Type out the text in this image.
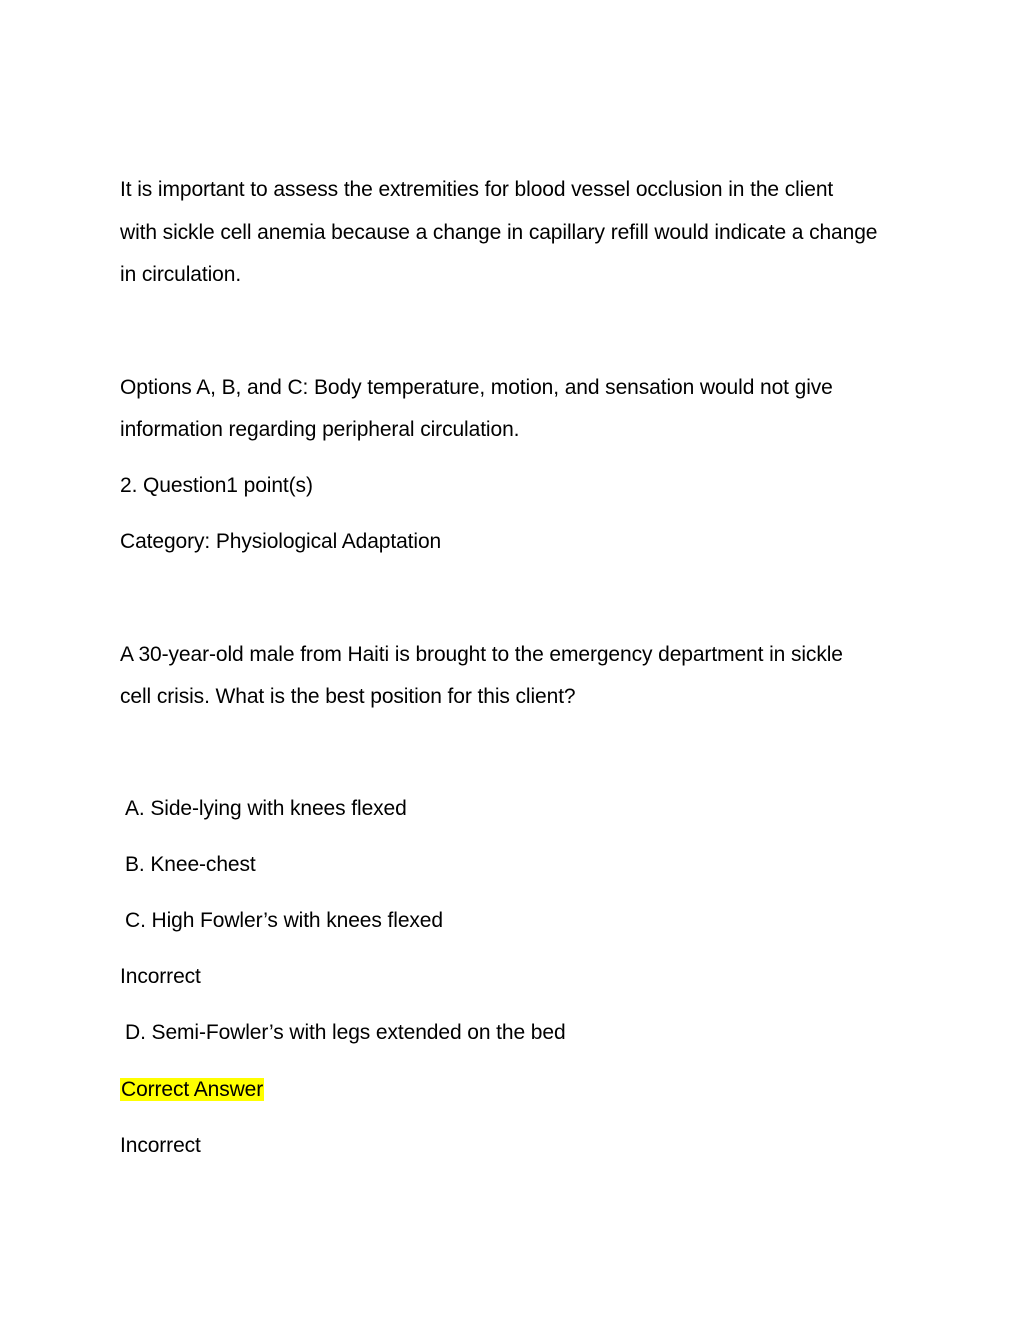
It is important to assess the extremities for blood vessel occlusion in the client
with sickle cell anemia because a change in capillary refill would indicate a change
in circulation.
Options A, B, and C: Body temperature, motion, and sensation would not give
information regarding peripheral circulation.
2. Question1 point(s)
Category: Physiological Adaptation
A 30-year-old male from Haiti is brought to the emergency department in sickle
cell crisis. What is the best position for this client?
A. Side-lying with knees flexed
B. Knee-chest
C. High Fowler’s with knees flexed
Incorrect
D. Semi-Fowler’s with legs extended on the bed
Correct Answer
Incorrect
